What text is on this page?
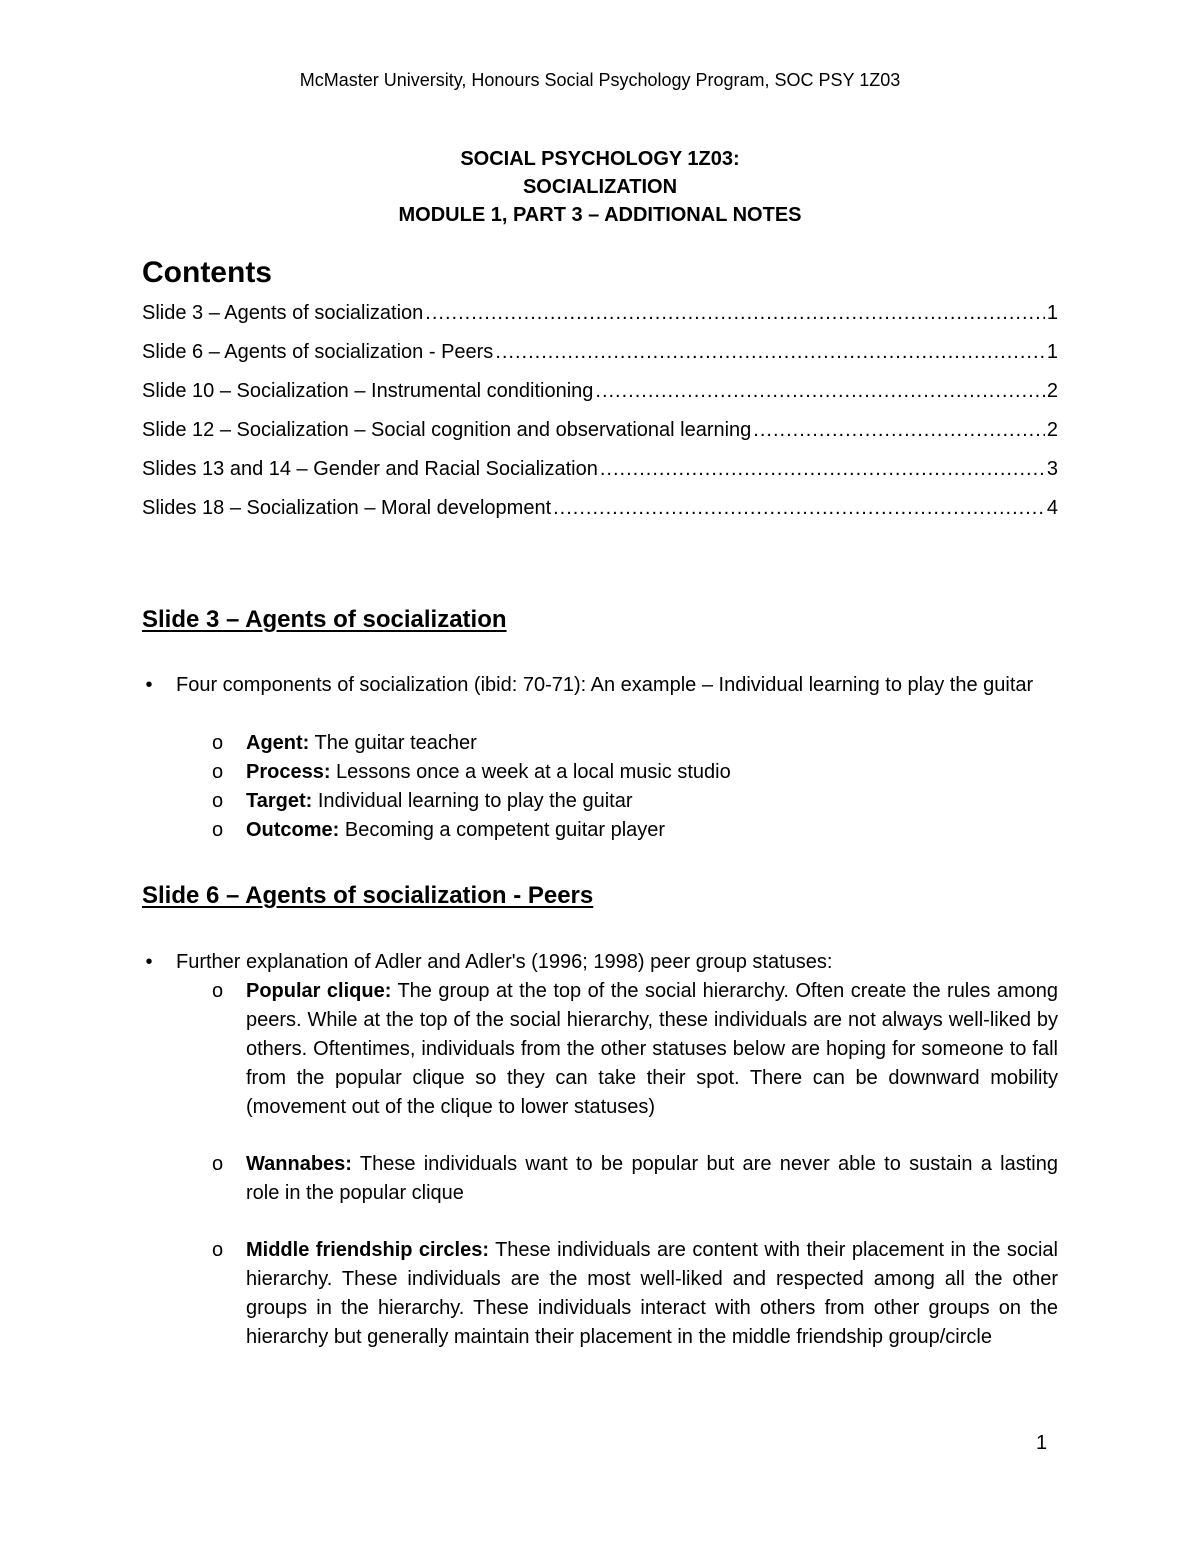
McMaster University, Honours Social Psychology Program, SOC PSY 1Z03
SOCIAL PSYCHOLOGY 1Z03:
SOCIALIZATION
MODULE 1, PART 3 – ADDITIONAL NOTES
Contents
Slide 3 – Agents of socialization .....	1
Slide 6 – Agents of socialization - Peers .....	1
Slide 10 – Socialization – Instrumental conditioning .....	2
Slide 12 – Socialization – Social cognition and observational learning .....	2
Slides 13 and 14 – Gender and Racial Socialization .....	3
Slides 18 – Socialization – Moral development .....	4
Slide 3 – Agents of socialization
• Four components of socialization (ibid: 70-71): An example – Individual learning to play the guitar
o Agent: The guitar teacher
o Process: Lessons once a week at a local music studio
o Target: Individual learning to play the guitar
o Outcome: Becoming a competent guitar player
Slide 6 – Agents of socialization - Peers
• Further explanation of Adler and Adler's (1996; 1998) peer group statuses:
o Popular clique: The group at the top of the social hierarchy. Often create the rules among peers. While at the top of the social hierarchy, these individuals are not always well-liked by others. Oftentimes, individuals from the other statuses below are hoping for someone to fall from the popular clique so they can take their spot. There can be downward mobility (movement out of the clique to lower statuses)
o Wannabes: These individuals want to be popular but are never able to sustain a lasting role in the popular clique
o Middle friendship circles: These individuals are content with their placement in the social hierarchy. These individuals are the most well-liked and respected among all the other groups in the hierarchy. These individuals interact with others from other groups on the hierarchy but generally maintain their placement in the middle friendship group/circle
1
